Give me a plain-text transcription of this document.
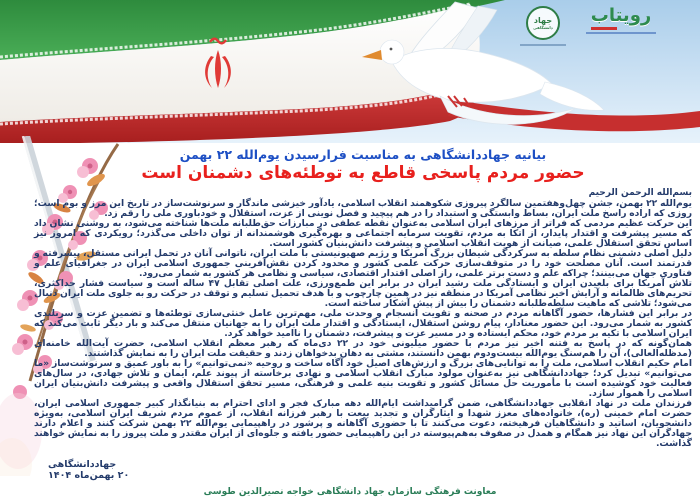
جهاد
دانشگاهی
رویتاب
بیانیه جهاددانشگاهی به مناسبت فرارسیدن یوم‌الله ۲۲ بهمن
حضور مردم پاسخی قاطع به توطئه‌های دشمنان است
بسم‌الله الرحمن الرحیم

یوم‌الله ۲۲ بهمن، جشن چهل‌وهفتمین سالگرد پیروزی شکوهمند انقلاب اسلامی، یادآور خیزشی ماندگار و سرنوشت‌ساز در تاریخ این مرز و بوم است؛ روزی که اراده راسخ ملت ایران، بساط وابستگی و استبداد را در هم پیچید و فصل نوینی از عزت، استقلال و خودباوری ملی را رقم زد.

این حرکت عظیم مردمی که فراتر از مرزهای ایران اسلامی به‌عنوان نقطه عطفی در مبارزات حق‌طلبانه ملت‌ها شناخته می‌شود، به روشنی نشان داد که مسیر پیشرفت و اقتدار پایدار، از اتکا به مردم، تقویت سرمایه اجتماعی و بهره‌گیری هوشمندانه از توان داخلی می‌گذرد؛ رویکردی که امروز نیز اساس تحقق استقلال علمی، صیانت از هویت انقلاب اسلامی و پیشرفت دانش‌بنیان کشور است.

دلیل اصلی دشمنی نظام سلطه به سرکردگی شیطان بزرگ آمریکا و رژیم صهیونیستی با ملت ایران، ناتوانی آنان در تحمل ایرانی مستقل، پیشرفته و قدرتمند است. آنان مصلحت خود را در متوقف‌سازی حرکت علمی کشور و محدود کردن نقش‌آفرینی جمهوری اسلامی ایران در جغرافیای علم و فناوری جهان می‌بینند؛ چراکه علم و دست برتر علمی، راز اصلی اقتدار اقتصادی، سیاسی و نظامی هر کشور به شمار می‌رود.

تلاش آمریکا برای بلعیدن ایران و ایستادگی ملت رشید ایران در برابر این طمع‌ورزی، علت اصلی تقابل ۴۷ ساله است و سیاست فشار حداکثری، تحریم‌های ظالمانه و آرایش اخیر نظامی آمریکا در منطقه نیز در همین چارچوب و با هدف تحمیل تسلیم و توقف در حرکت رو به جلوی ملت ایران دنبال می‌شود؛ تلاشی که ماهیت سلطه‌طلبانه دشمنان را بیش از پیش آشکار ساخته است.

در برابر این فشارها، حضور آگاهانه مردم در صحنه و تقویت انسجام و وحدت ملی، مهم‌ترین عامل خنثی‌سازی توطئه‌ها و تضمین عزت و سربلندی کشور به شمار می‌رود. این حضور معنادار، پیام روشن استقلال، ایستادگی و اقتدار ملت ایران را به جهانیان منتقل می‌کند و بار دیگر ثابت می‌کند که ایران اسلامی با تکیه بر مردم خود، محکم ایستاده و در مسیر عزت و پیشرفت، دشمنان را ناامید خواهد کرد.

همان‌گونه که در پاسخ به فتنه اخیر نیز مردم با حضور میلیونی خود در ۲۲ دی‌ماه که رهبر معظم انقلاب اسلامی، حضرت آیت‌الله خامنه‌ای (مدظله‌العالی)، آن را هم‌سنگ یوم‌الله بیست‌ودوم بهمن دانستند، مشتی به دهان بدخواهان زدند و حقیقت ملت ایران را به نمایش گذاشتند.

امام حکیم انقلاب اسلامی، ملت را به توانایی‌های بزرگ و ارزش‌های اصیل خود آگاه ساخت و روحیه «نمی‌توانیم» را به باور عمیق و سرنوشت‌ساز «ما می‌توانیم» تبدیل کرد؛ جهاددانشگاهی نیز به‌عنوان مولود مبارک انقلاب اسلامی و نهادی برخاسته از پیوند علم، ایمان و تلاش جهادی، در سال‌های فعالیت خود کوشیده است با مأموریت حل مسائل کشور و تقویت بنیه علمی و فرهنگی، مسیر تحقق استقلال واقعی و پیشرفت دانش‌بنیان ایران اسلامی را هموار سازد.

فرزندان ملت در نهاد انقلابی جهاددانشگاهی، ضمن گرامیداشت ایام‌الله دهه مبارک فجر و ادای احترام به بنیانگذار کبیر جمهوری اسلامی ایران، حضرت امام خمینی (ره)، خانواده‌های معزز شهدا و ایثارگران و تجدید بیعت با رهبر فرزانه انقلاب، از عموم مردم شریف ایران اسلامی، به‌ویژه دانشجویان، اساتید و دانشگاهیان فرهیخته، دعوت می‌کنند تا با حضوری آگاهانه و پرشور در راهپیمایی یوم‌الله ۲۲ بهمن شرکت کنند و اعلام دارند جهادگران این نهاد نیز همگام و همدل در صفوف به‌هم‌پیوسته در این راهپیمایی حضور یافته و جلوه‌ای از ایران مقتدر و ملت پیروز را به نمایش خواهند گذاشت.

جهاددانشگاهی
۲۰ بهمن‌ماه ۱۴۰۴
معاونت فرهنگی سازمان جهاد دانشگاهی خواجه نصیرالدین طوسی
